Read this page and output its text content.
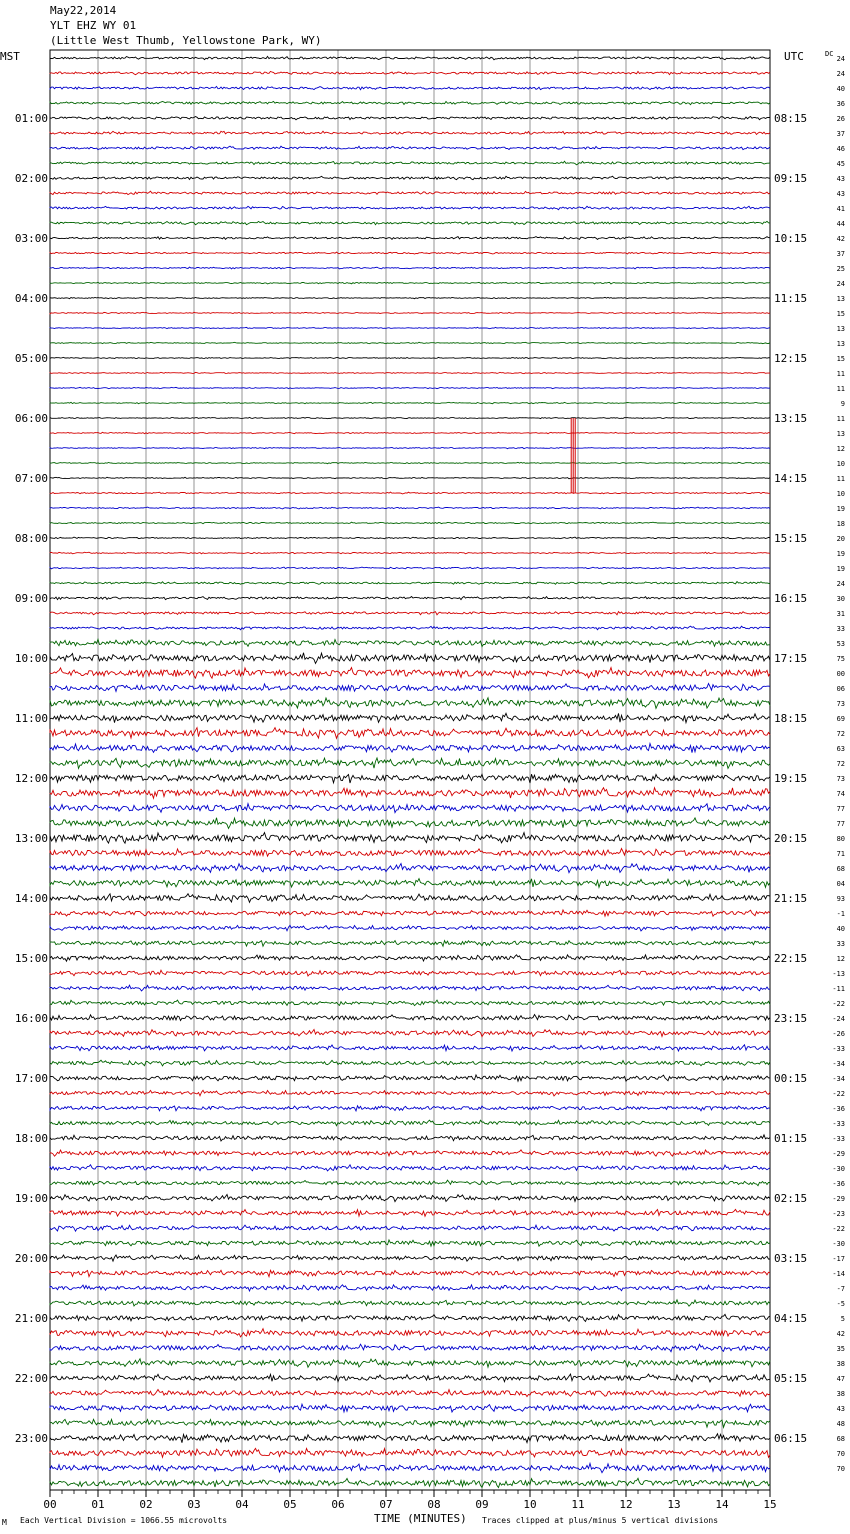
May22,2014
YLT EHZ WY 01
(Little West Thumb, Yellowstone Park, WY)
MST	UTC	DC
01:00
02:00
03:00
04:00
05:00
06:00
07:00
08:00
09:00
10:00
11:00
12:00
13:00
14:00
15:00
16:00
17:00
18:00
19:00
20:00
21:00
22:00
23:00
08:15
09:15
10:15
11:15
12:15
13:15
14:15
15:15
16:15
17:15
18:15
19:15
20:15
21:15
22:15
23:15
00:15
01:15
02:15
03:15
04:15
05:15
06:15
24
24
40
36
26
37
46
45
43
43
41
44
42
37
25
24
13
15
13
13
15
11
11
9
11
13
12
10
11
10
19
18
20
19
19
24
30
31
33
53
75
00
06
73
69
72
63
72
73
74
77
77
80
71
68
04
93
-1
40
33
12
-13
-11
-22
-24
-26
-33
-34
-34
-22
-36
-33
-33
-29
-30
-36
-29
-23
-22
-30
-17
-14
-7
-5
5
42
35
38
47
38
43
48
68
70
70
00	01	02	03	04	05	06	07	08	09	10	11	12	13	14	15
M Each Vertical Division = 1066.55 microvolts	TIME (MINUTES) Traces clipped at plus/minus 5 vertical divisions
